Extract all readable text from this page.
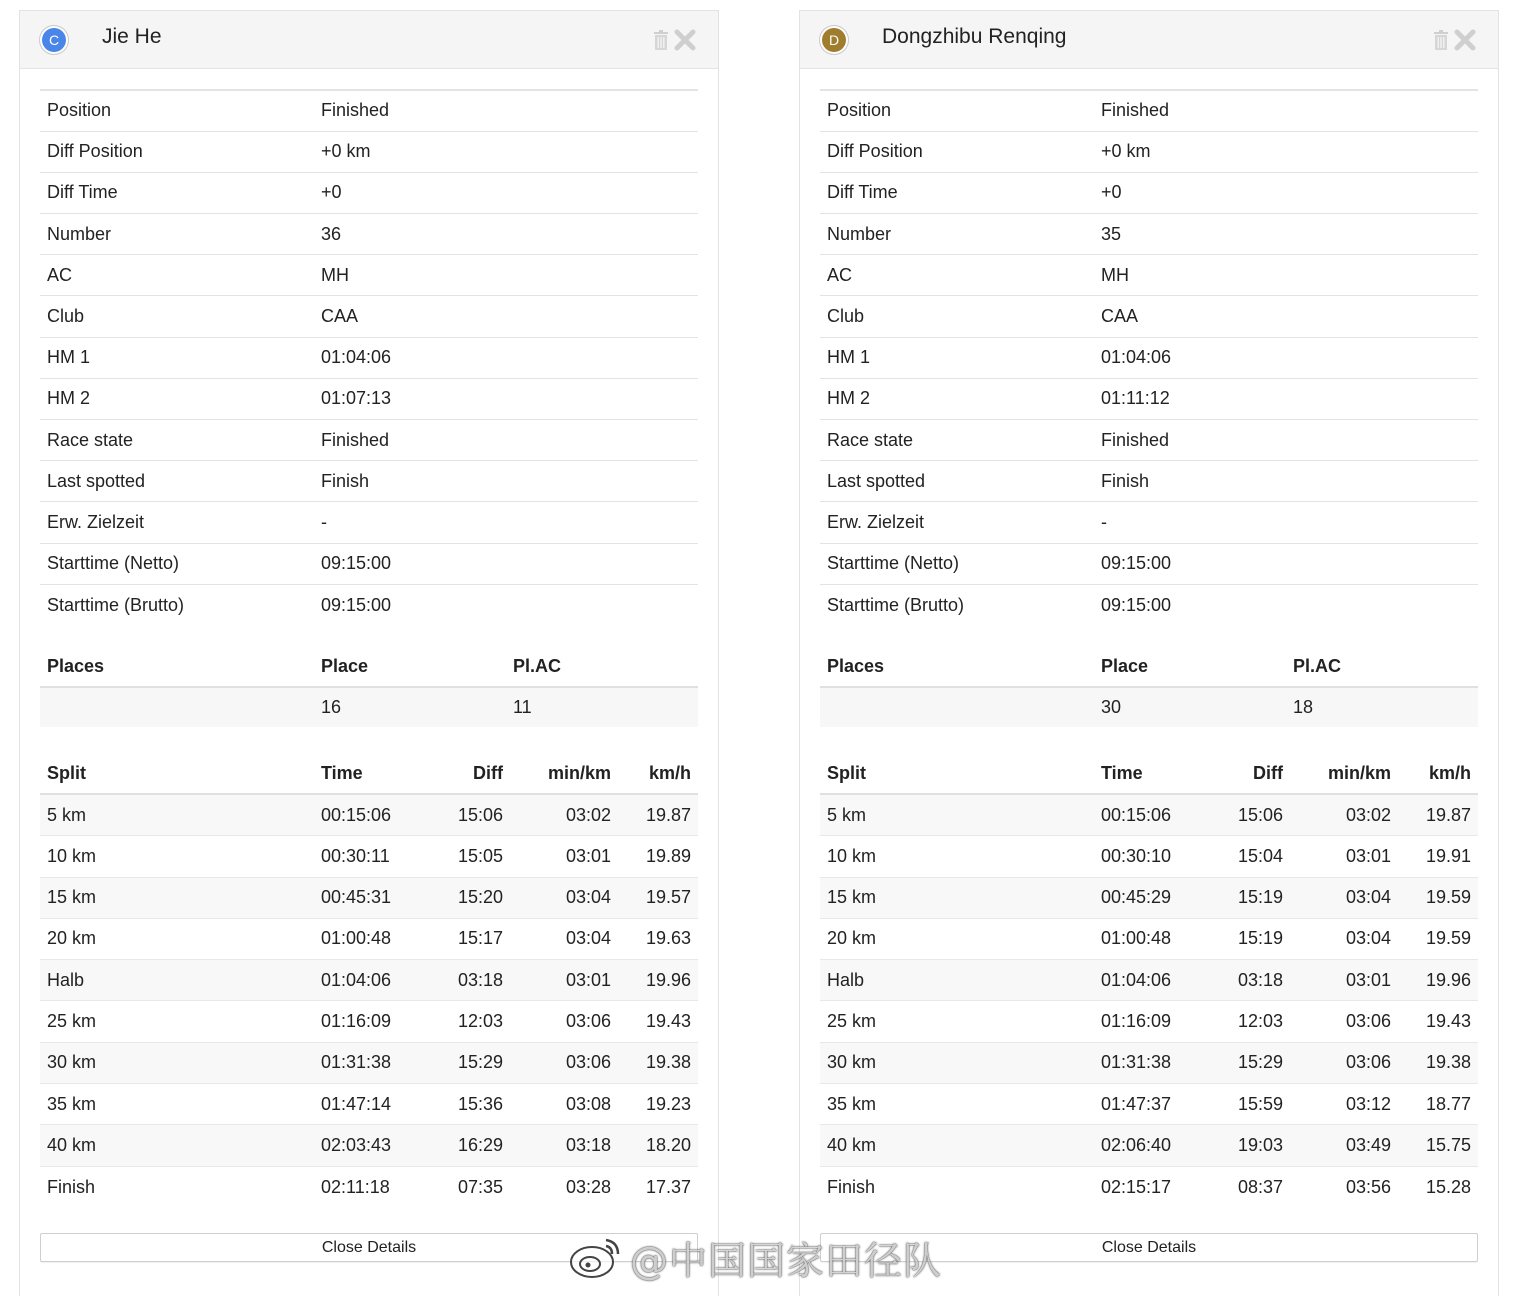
C	Jie He
Position	Finished
Diff Position	+0 km
Diff Time	+0
Number	36
AC	MH
Club	CAA
HM 1	01:04:06
HM 2	01:07:13
Race state	Finished
Last spotted	Finish
Erw. Zielzeit	-
Starttime (Netto)	09:15:00
Starttime (Brutto)	09:15:00
Places	Place	Pl.AC
	16	11
Split	Time	Diff	min/km	km/h
5 km	00:15:06	15:06	03:02	19.87
10 km	00:30:11	15:05	03:01	19.89
15 km	00:45:31	15:20	03:04	19.57
20 km	01:00:48	15:17	03:04	19.63
Halb	01:04:06	03:18	03:01	19.96
25 km	01:16:09	12:03	03:06	19.43
30 km	01:31:38	15:29	03:06	19.38
35 km	01:47:14	15:36	03:08	19.23
40 km	02:03:43	16:29	03:18	18.20
Finish	02:11:18	07:35	03:28	17.37
Close Details
D	Dongzhibu Renqing
Position	Finished
Diff Position	+0 km
Diff Time	+0
Number	35
AC	MH
Club	CAA
HM 1	01:04:06
HM 2	01:11:12
Race state	Finished
Last spotted	Finish
Erw. Zielzeit	-
Starttime (Netto)	09:15:00
Starttime (Brutto)	09:15:00
Places	Place	Pl.AC
	30	18
Split	Time	Diff	min/km	km/h
5 km	00:15:06	15:06	03:02	19.87
10 km	00:30:10	15:04	03:01	19.91
15 km	00:45:29	15:19	03:04	19.59
20 km	01:00:48	15:19	03:04	19.59
Halb	01:04:06	03:18	03:01	19.96
25 km	01:16:09	12:03	03:06	19.43
30 km	01:31:38	15:29	03:06	19.38
35 km	01:47:37	15:59	03:12	18.77
40 km	02:06:40	19:03	03:49	15.75
Finish	02:15:17	08:37	03:56	15.28
Close Details
@中国国家田径队
